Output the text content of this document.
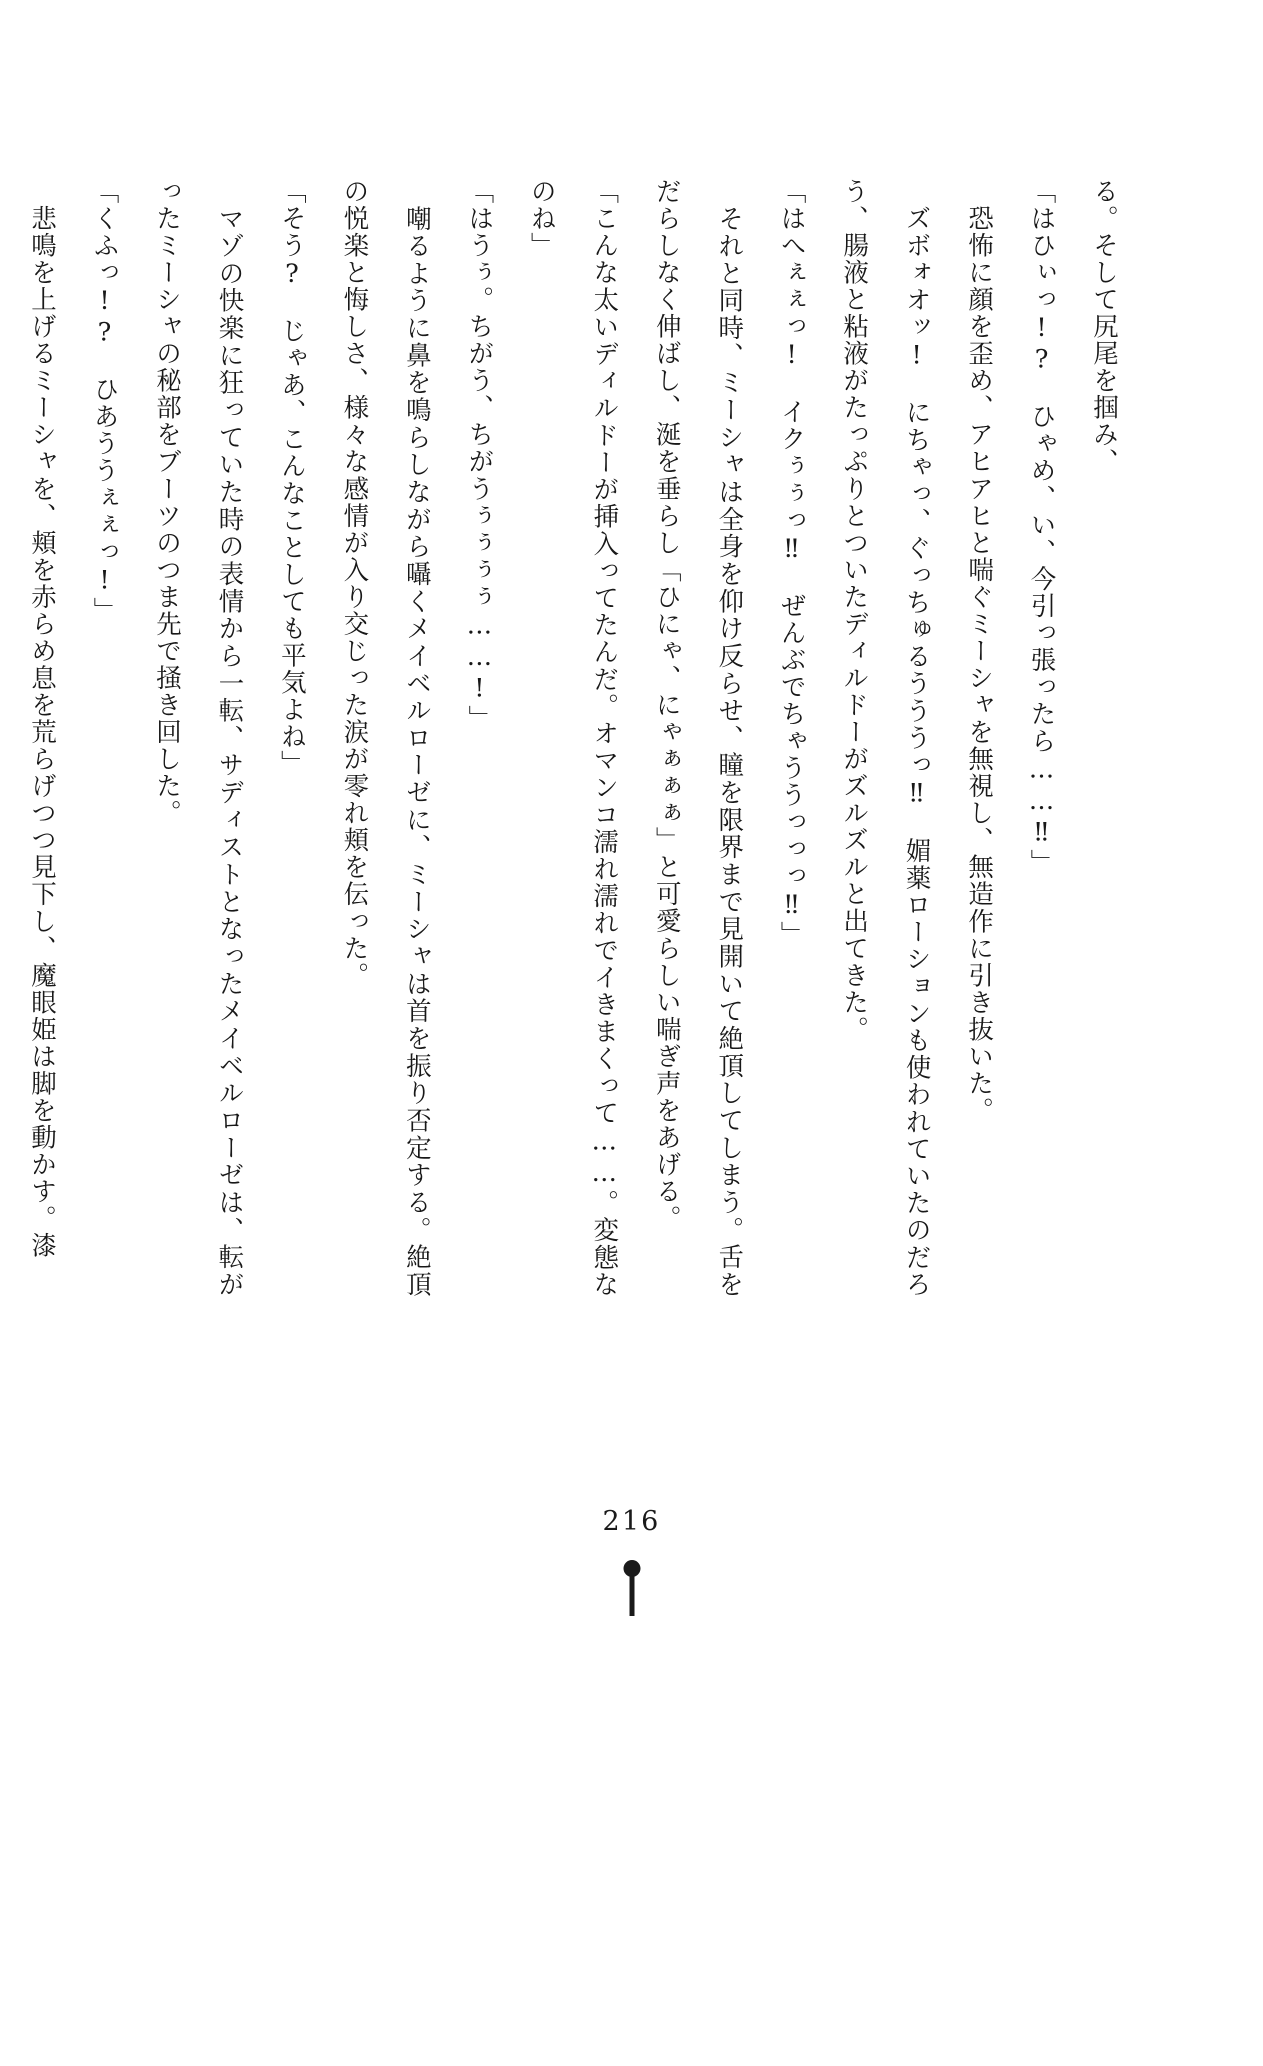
る。そして尻尾を掴み、

「はひぃっ!?　ひゃめ、い、今引っ張ったら……‼」

　恐怖に顔を歪め、アヒアヒと喘ぐミーシャを無視し、無造作に引き抜いた。

　ズボォオッ!　にちゃっ、ぐっちゅるうううっ‼　媚薬ローションも使われていたのだろう、腸液と粘液がたっぷりとついたディルドーがズルズルと出てきた。

「はへぇぇっ!　イクぅぅっ‼　ぜんぶでちゃううっっっ‼」

　それと同時、ミーシャは全身を仰け反らせ、瞳を限界まで見開いて絶頂してしまう。舌をだらしなく伸ばし、涎を垂らし「ひにゃ、にゃぁぁぁ」と可愛らしい喘ぎ声をあげる。

「こんな太いディルドーが挿入ってたんだ。オマンコ濡れ濡れでイきまくって……。変態なのね」

「はうぅ。ちがう、ちがうぅぅぅぅ……!」

　嘲るように鼻を鳴らしながら囁くメイベルローゼに、ミーシャは首を振り否定する。絶頂の悦楽と悔しさ、様々な感情が入り交じった涙が零れ頬を伝った。

「そう?　じゃあ、こんなことしても平気よね」

　マゾの快楽に狂っていた時の表情から一転、サディストとなったメイベルローゼは、転がったミーシャの秘部をブーツのつま先で掻き回した。

「くふっ!?　ひあううぇぇっ!」

　悲鳴を上げるミーシャを、頬を赤らめ息を荒らげつつ見下し、魔眼姫は脚を動かす。漆

216
